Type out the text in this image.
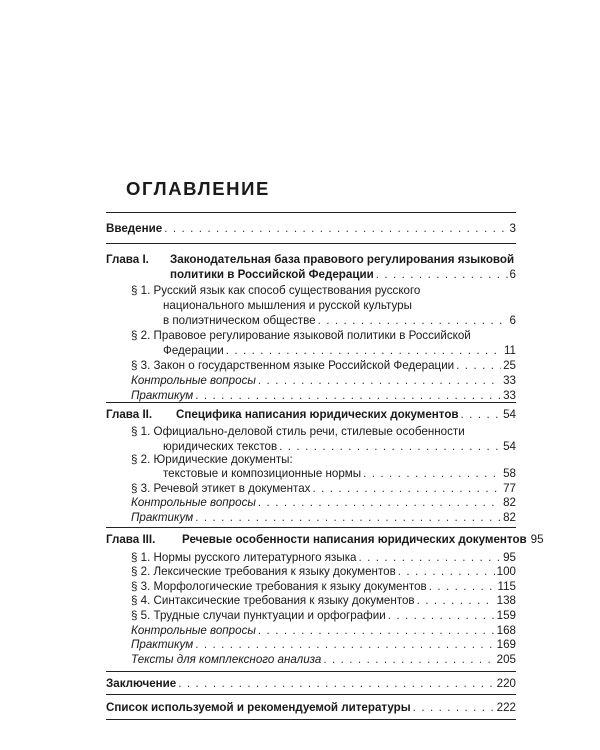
ОГЛАВЛЕНИЕ
Введение . . .	3
Глава I. Законодательная база правового регулирования языковой
политики в Российской Федерации . . .	6
§ 1. Русский язык как способ существования русского
национального мышления и русской культуры
в полиэтническом обществе . . .	6
§ 2. Правовое регулирование языковой политики в Российской
Федерации . . .	11
§ 3. Закон о государственном языке Российской Федерации . . .	25
Контрольные вопросы . . .	33
Практикум . . .	33
Глава II. Специфика написания юридических документов . . .	54
§ 1. Официально-деловой стиль речи, стилевые особенности
юридических текстов . . .	54
§ 2. Юридические документы:
текстовые и композиционные нормы . . .	58
§ 3. Речевой этикет в документах . . .	77
Контрольные вопросы . . .	82
Практикум . . .	82
Глава III. Речевые особенности написания юридических документов 95
§ 1. Нормы русского литературного языка . . .	95
§ 2. Лексические требования к языку документов . . .	100
§ 3. Морфологические требования к языку документов . . .	115
§ 4. Синтаксические требования к языку документов . . .	138
§ 5. Трудные случаи пунктуации и орфографии . . .	159
Контрольные вопросы . . .	168
Практикум . . .	169
Тексты для комплексного анализа . . .	205
Заключение . . .	220
Список используемой и рекомендуемой литературы . . .	222
